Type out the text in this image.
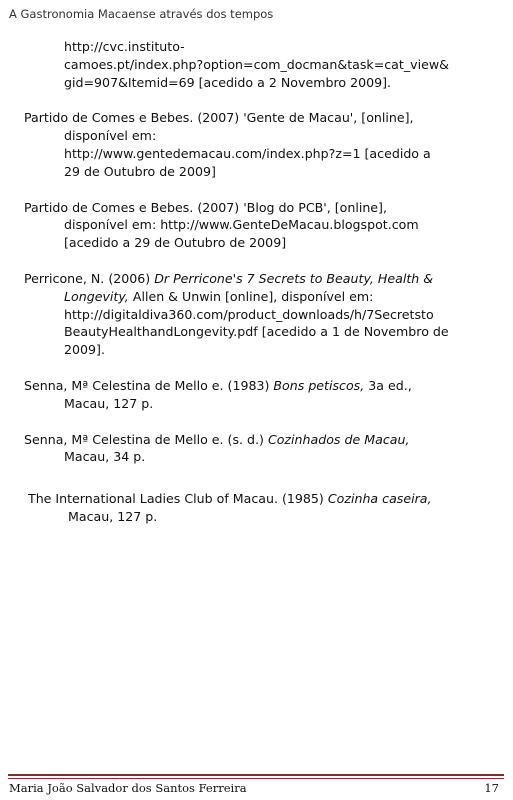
A Gastronomia Macaense através dos tempos
http://cvc.instituto-
camoes.pt/index.php?option=com_docman&task=cat_view&
gid=907&Itemid=69 [acedido a 2 Novembro 2009].
Partido de Comes e Bebes. (2007) 'Gente de Macau', [online],
disponível em:
http://www.gentedemacau.com/index.php?z=1 [acedido a
29 de Outubro de 2009]
Partido de Comes e Bebes. (2007) 'Blog do PCB', [online],
disponível em: http://www.GenteDeMacau.blogspot.com
[acedido a 29 de Outubro de 2009]
Perricone, N. (2006) Dr Perricone's 7 Secrets to Beauty, Health &
Longevity, Allen & Unwin [online], disponível em:
http://digitaldiva360.com/product_downloads/h/7Secretsto
BeautyHealthandLongevity.pdf [acedido a 1 de Novembro de
2009].
Senna, Mª Celestina de Mello e. (1983) Bons petiscos, 3a ed.,
Macau, 127 p.
Senna, Mª Celestina de Mello e. (s. d.) Cozinhados de Macau,
Macau, 34 p.
The International Ladies Club of Macau. (1985) Cozinha caseira,
Macau, 127 p.
Maria João Salvador dos Santos Ferreira	17
